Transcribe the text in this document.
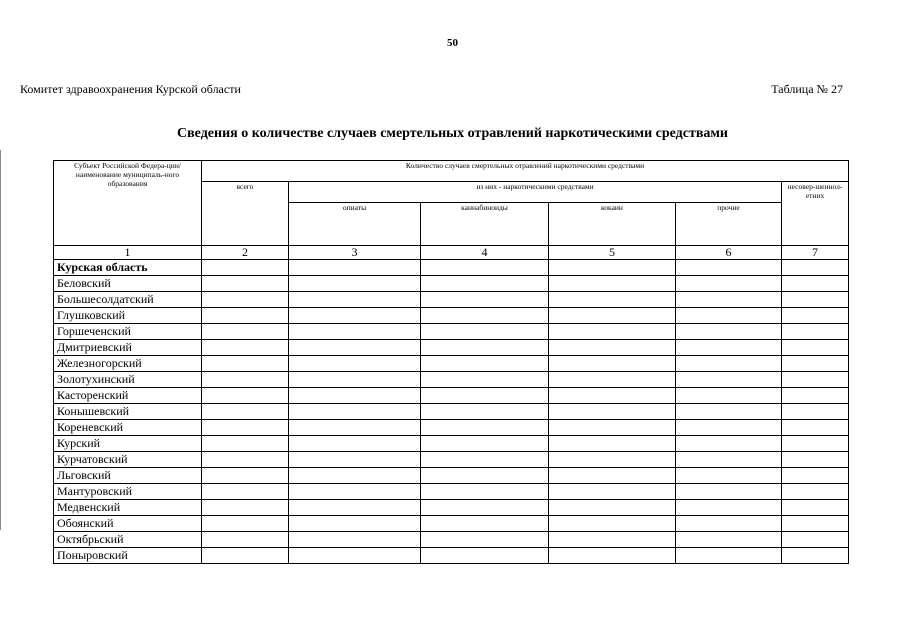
50
Комитет здравоохранения Курской области	Таблица № 27
Сведения о количестве случаев смертельных отравлений наркотическими средствами
Субъект Российской Федера-ции/наименование муниципаль-ного образования	Количество случаев смертельных отравлений наркотическими средствами					
	всего	из них - наркотическими средствами				несовер-шеннол-етних
		опиаты	каннабиноиды	кокаин	прочие	
1	2	3	4	5	6	7
Курская область						
Беловский						
Большесолдатский						
Глушковский						
Горшеченский						
Дмитриевский						
Железногорский						
Золотухинский						
Касторенский						
Конышевский						
Кореневский						
Курский						
Курчатовский						
Льговский						
Мантуровский						
Медвенский						
Обоянский						
Октябрьский						
Поныровский						
